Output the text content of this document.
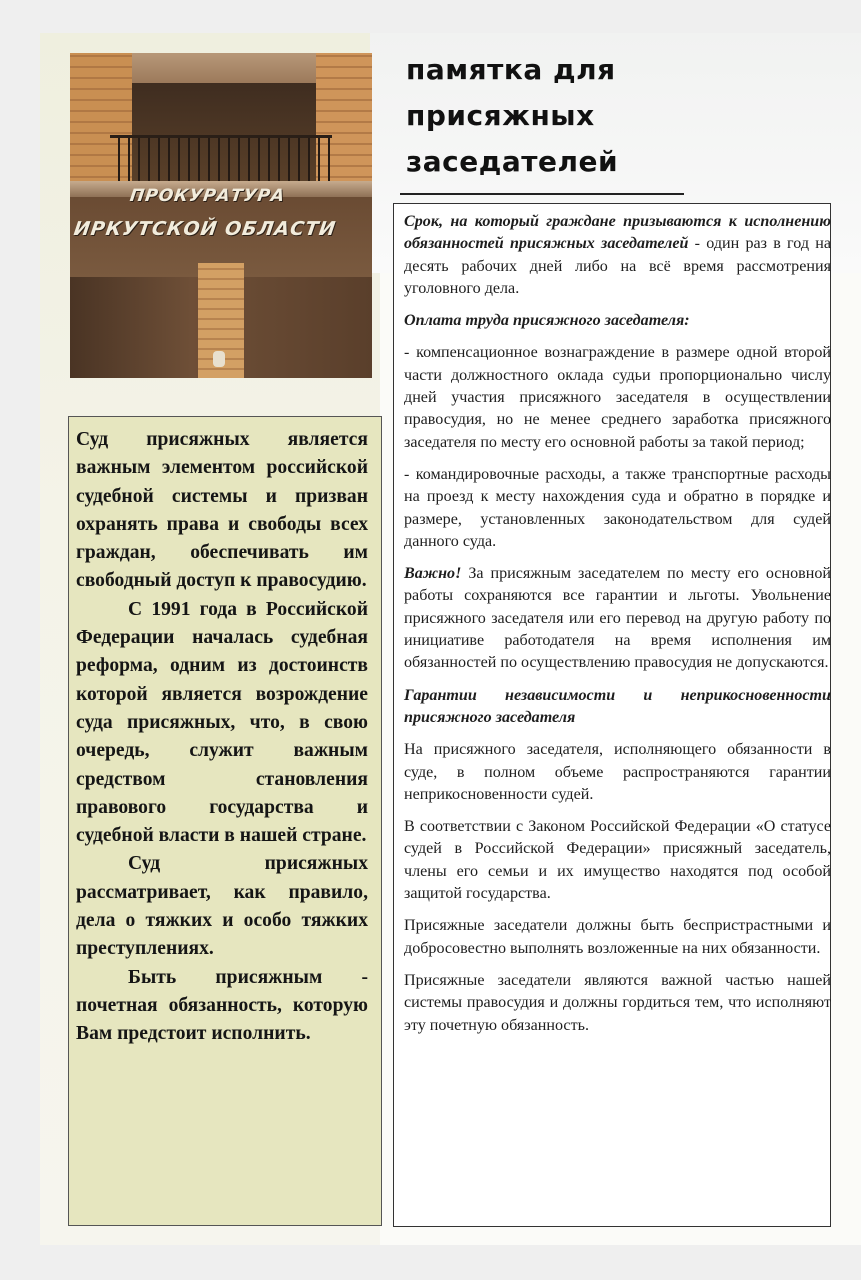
ПРОКУРАТУРА
ИРКУТСКОЙ ОБЛАСТИ
памятка для
присяжных
заседателей

Суд присяжных является важным элементом российской судебной системы и призван охранять права и свободы всех граждан, обеспечивать им свободный доступ к правосудию.

С 1991 года в Российской Федерации началась судебная реформа, одним из достоинств которой является возрождение суда присяжных, что, в свою очередь, служит важным средством становления правового государства и судебной власти в нашей стране.

Суд присяжных рассматривает, как правило, дела о тяжких и особо тяжких преступлениях.

Быть присяжным - почетная обязанность, которую Вам предстоит исполнить.

Срок, на который граждане призываются к исполнению обязанностей присяжных заседателей - один раз в год на десять рабочих дней либо на всё время рассмотрения уголовного дела.

Оплата труда присяжного заседателя:

- компенсационное вознаграждение в размере одной второй части должностного оклада судьи пропорционально числу дней участия присяжного заседателя в осуществлении правосудия, но не менее среднего заработка присяжного заседателя по месту его основной работы за такой период;

- командировочные расходы, а также транспортные расходы на проезд к месту нахождения суда и обратно в порядке и размере, установленных законодательством для судей данного суда.

Важно! За присяжным заседателем по месту его основной работы сохраняются все гарантии и льготы. Увольнение присяжного заседателя или его перевод на другую работу по инициативе работодателя на время исполнения им обязанностей по осуществлению правосудия не допускаются.

Гарантии независимости и неприкосновенности присяжного заседателя

На присяжного заседателя, исполняющего обязанности в суде, в полном объеме распространяются гарантии неприкосновенности судей.

В соответствии с Законом Российской Федерации «О статусе судей в Российской Федерации» присяжный заседатель, члены его семьи и их имущество находятся под особой защитой государства.

Присяжные заседатели должны быть беспристрастными и добросовестно выполнять возложенные на них обязанности.

Присяжные заседатели являются важной частью нашей системы правосудия и должны гордиться тем, что исполняют эту почетную обязанность.
